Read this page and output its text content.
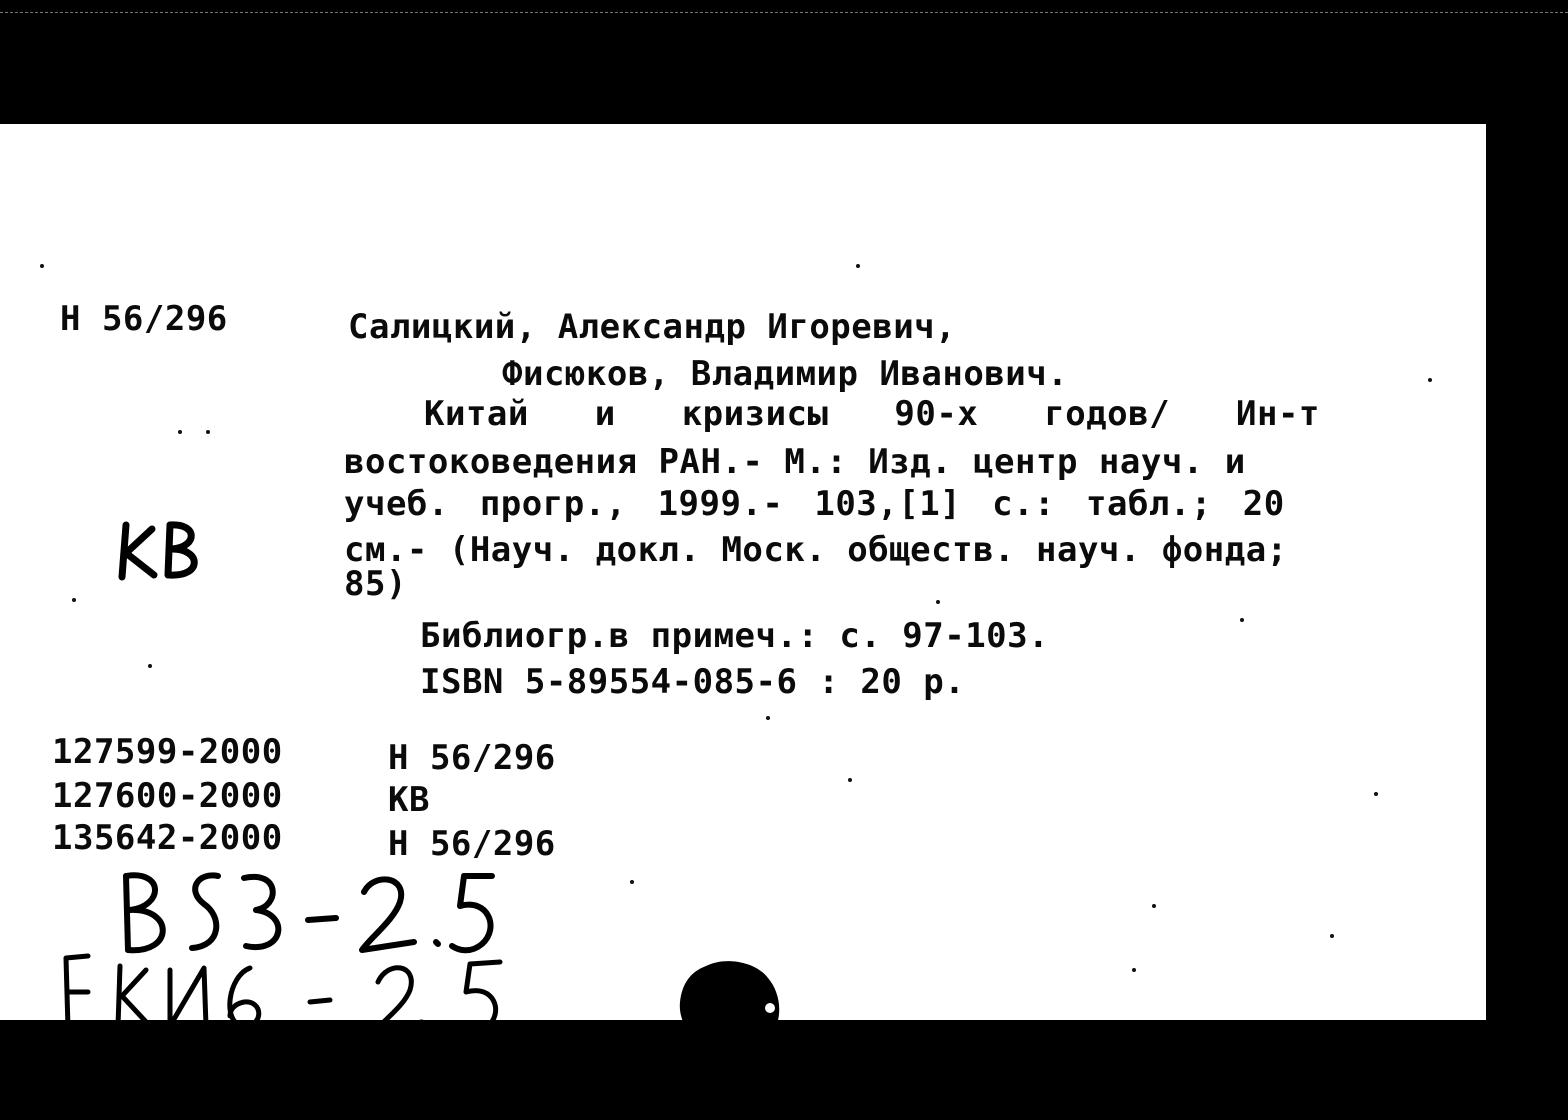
Н 56/296	Салицкий, Александр Игоревич,
Фисюков, Владимир Иванович.
Китай  и  кризисы  90-х  годов/  Ин-т
востоковедения РАН.- М.: Изд. центр науч. и
учеб. прогр., 1999.- 103,[1] с.: табл.; 20
см.- (Науч. докл. Моск. обществ. науч. фонда;
85)
Библиогр.в примеч.: с. 97-103.
ISBN 5-89554-085-6 : 20 р.
127599-2000	Н 56/296
127600-2000	КВ
135642-2000	Н 56/296
